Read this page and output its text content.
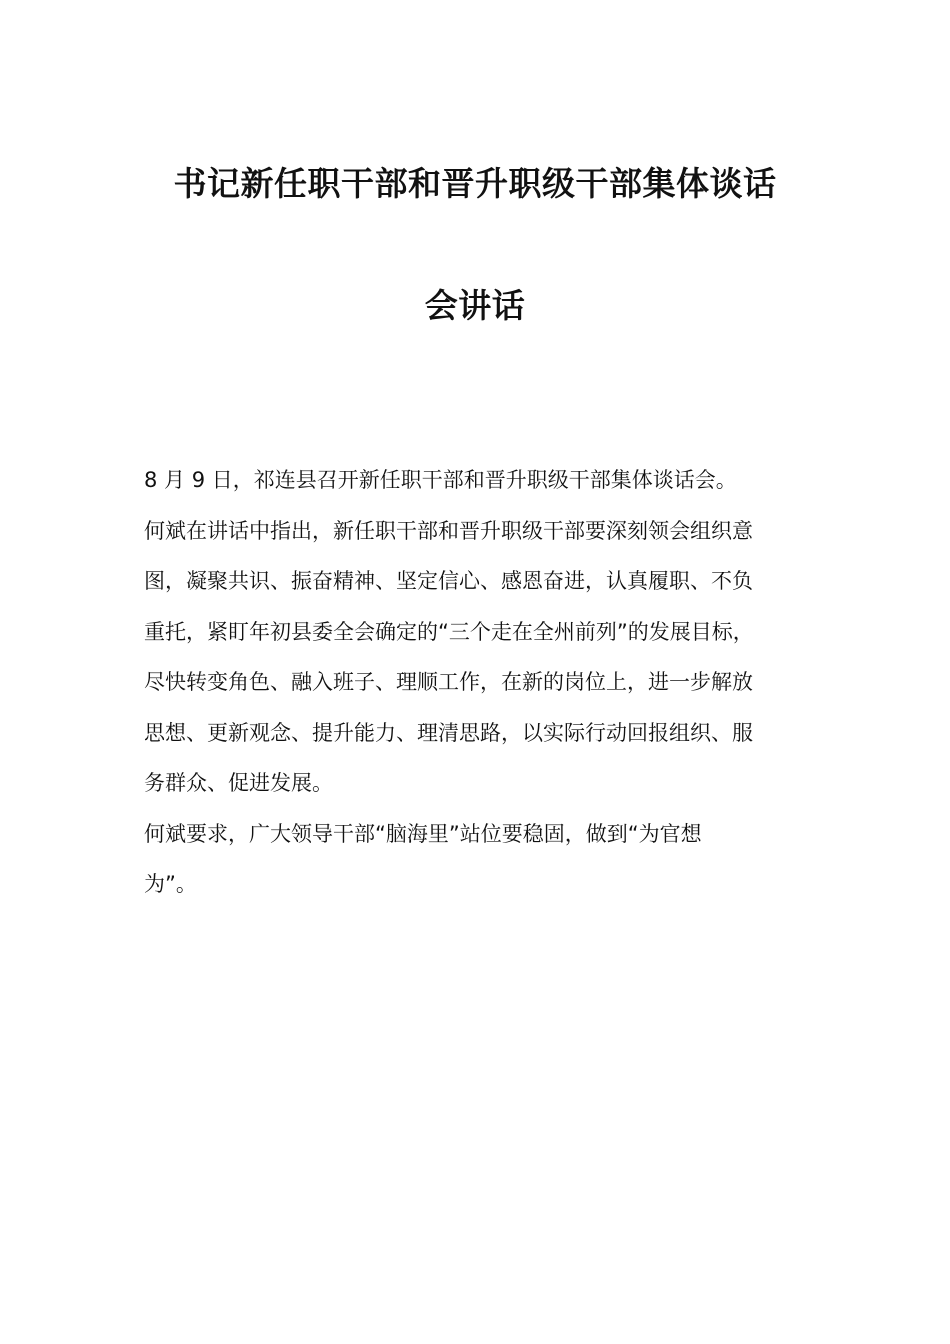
书记新任职干部和晋升职级干部集体谈话
会讲话

8 月 9 日，祁连县召开新任职干部和晋升职级干部集体谈话会。

何斌在讲话中指出，新任职干部和晋升职级干部要深刻领会组织意
图，凝聚共识、振奋精神、坚定信心、感恩奋进，认真履职、不负
重托，紧盯年初县委全会确定的“三个走在全州前列”的发展目标，
尽快转变角色、融入班子、理顺工作，在新的岗位上，进一步解放
思想、更新观念、提升能力、理清思路，以实际行动回报组织、服
务群众、促进发展。

何斌要求，广大领导干部“脑海里”站位要稳固，做到“为官想
为”。
